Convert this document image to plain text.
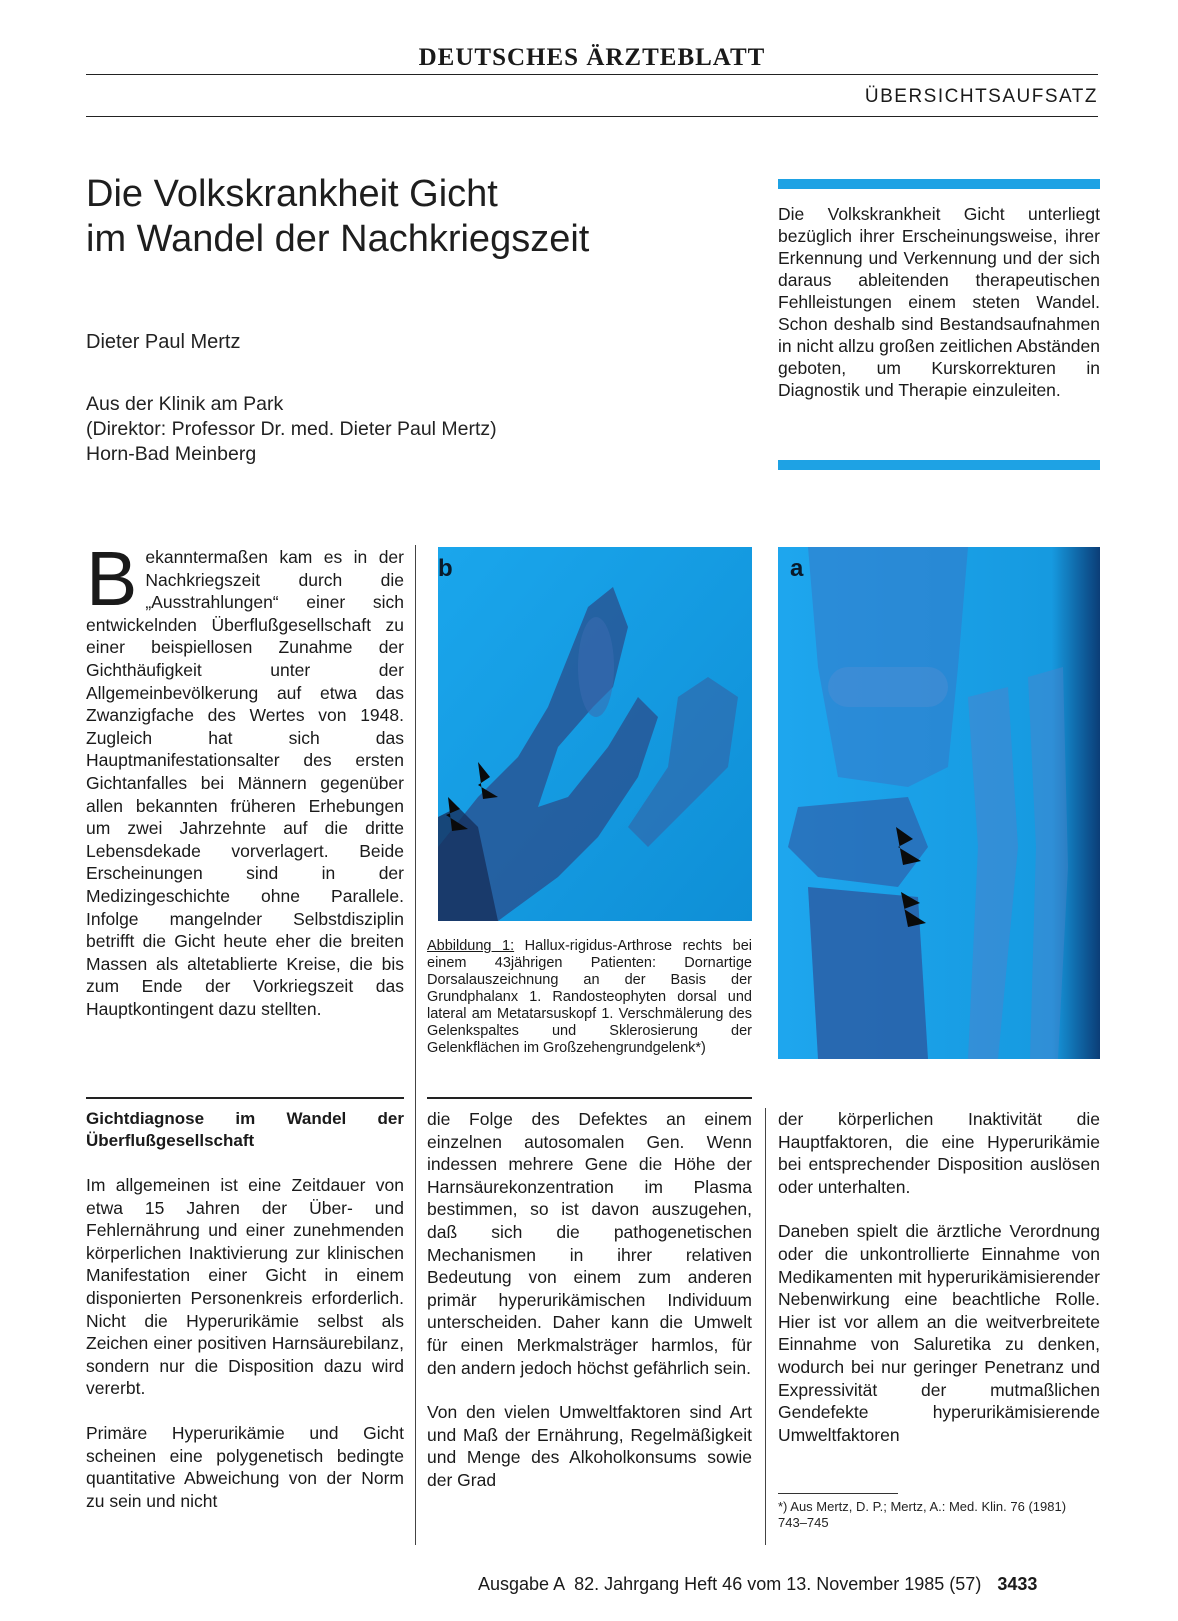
DEUTSCHES ÄRZTEBLATT
ÜBERSICHTSAUFSATZ
Die Volkskrankheit Gicht
im Wandel der Nachkriegszeit
Dieter Paul Mertz
Aus der Klinik am Park
(Direktor: Professor Dr. med. Dieter Paul Mertz)
Horn-Bad Meinberg
Die Volkskrankheit Gicht unterliegt bezüglich ihrer Erscheinungsweise, ihrer Erkennung und Verkennung und der sich daraus ableitenden therapeutischen Fehlleistungen einem steten Wandel. Schon deshalb sind Bestandsaufnahmen in nicht allzu großen zeitlichen Abständen geboten, um Kurskorrekturen in Diagnostik und Therapie einzuleiten.
Bekanntermaßen kam es in der Nachkriegszeit durch die „Ausstrahlungen“ einer sich entwickelnden Überflußgesellschaft zu einer beispiellosen Zunahme der Gichthäufigkeit unter der Allgemeinbevölkerung auf etwa das Zwanzigfache des Wertes von 1948. Zugleich hat sich das Hauptmanifestationsalter des ersten Gichtanfalles bei Männern gegenüber allen bekannten früheren Erhebungen um zwei Jahrzehnte auf die dritte Lebensdekade vorverlagert. Beide Erscheinungen sind in der Medizingeschichte ohne Parallele. Infolge mangelnder Selbstdisziplin betrifft die Gicht heute eher die breiten Massen als altetablierte Kreise, die bis zum Ende der Vorkriegszeit das Hauptkontingent dazu stellten.
b	a
Abbildung 1: Hallux-rigidus-Arthrose rechts bei einem 43jährigen Patienten: Dornartige Dorsalauszeichnung an der Basis der Grundphalanx 1. Randosteophyten dorsal und lateral am Metatarsuskopf 1. Verschmälerung des Gelenkspaltes und Sklerosierung der Gelenkflächen im Großzehengrundgelenk*)
Gichtdiagnose im Wandel der Überflußgesellschaft

Im allgemeinen ist eine Zeitdauer von etwa 15 Jahren der Über- und Fehlernährung und einer zunehmenden körperlichen Inaktivierung zur klinischen Manifestation einer Gicht in einem disponierten Personenkreis erforderlich. Nicht die Hyperurikämie selbst als Zeichen einer positiven Harnsäurebilanz, sondern nur die Disposition dazu wird vererbt.

Primäre Hyperurikämie und Gicht scheinen eine polygenetisch bedingte quantitative Abweichung von der Norm zu sein und nicht

die Folge des Defektes an einem einzelnen autosomalen Gen. Wenn indessen mehrere Gene die Höhe der Harnsäurekonzentration im Plasma bestimmen, so ist davon auszugehen, daß sich die pathogenetischen Mechanismen in ihrer relativen Bedeutung von einem zum anderen primär hyperurikämischen Individuum unterscheiden. Daher kann die Umwelt für einen Merkmalsträger harmlos, für den andern jedoch höchst gefährlich sein.

Von den vielen Umweltfaktoren sind Art und Maß der Ernährung, Regelmäßigkeit und Menge des Alkoholkonsums sowie der Grad

der körperlichen Inaktivität die Hauptfaktoren, die eine Hyperurikämie bei entsprechender Disposition auslösen oder unterhalten.

Daneben spielt die ärztliche Verordnung oder die unkontrollierte Einnahme von Medikamenten mit hyperurikämisierender Nebenwirkung eine beachtliche Rolle. Hier ist vor allem an die weitverbreitete Einnahme von Saluretika zu denken, wodurch bei nur geringer Penetranz und Expressivität der mutmaßlichen Gendefekte hyperurikämisierende Umweltfaktoren

*) Aus Mertz, D. P.; Mertz, A.: Med. Klin. 76 (1981) 743–745
Ausgabe A  82. Jahrgang Heft 46 vom 13. November 1985 (57) 3433
